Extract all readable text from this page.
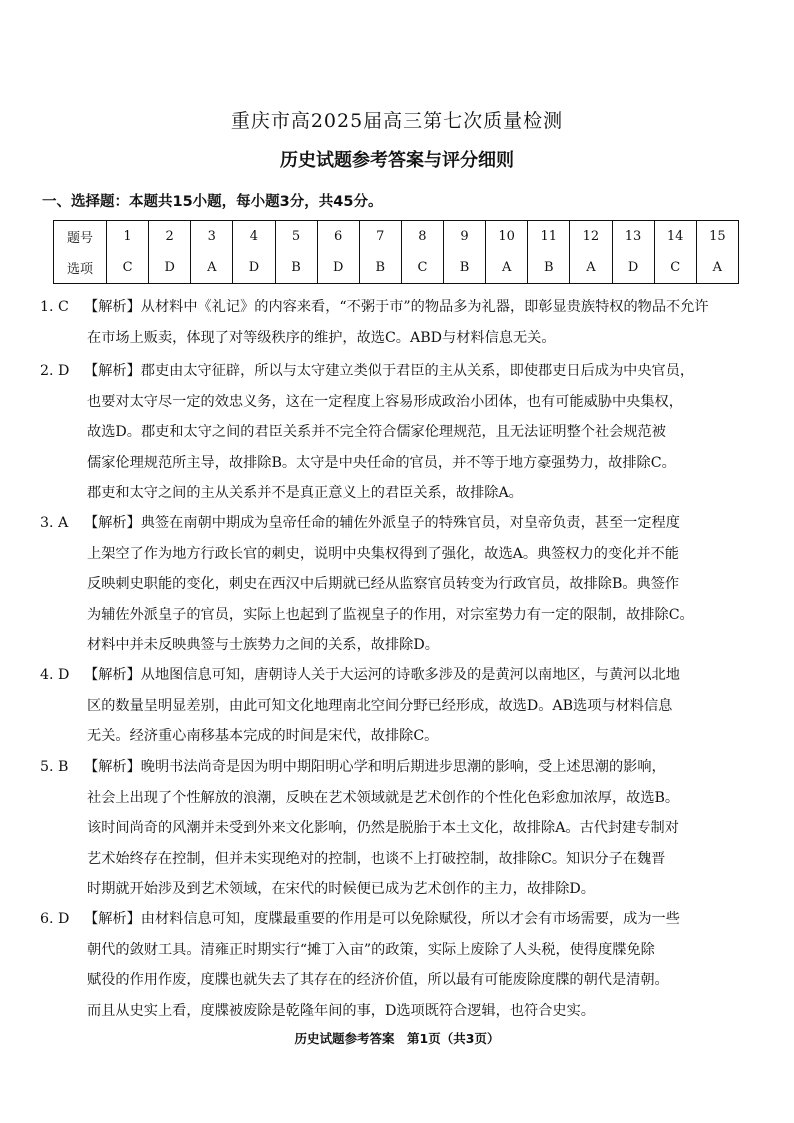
重庆市高2025届高三第七次质量检测
历史试题参考答案与评分细则
一、选择题：本题共15小题，每小题3分，共45分。
题号	1	2	3	4	5	6	7	8	9	10	11	12	13	14	15
选项	C	D	A	D	B	D	B	C	B	A	B	A	D	C	A
1. C 【解析】从材料中《礼记》的内容来看，“不粥于市”的物品多为礼器，即彰显贵族特权的物品不允许
在市场上贩卖，体现了对等级秩序的维护，故选C。ABD与材料信息无关。
2. D 【解析】郡吏由太守征辟，所以与太守建立类似于君臣的主从关系，即使郡吏日后成为中央官员，
也要对太守尽一定的效忠义务，这在一定程度上容易形成政治小团体，也有可能威胁中央集权，
故选D。郡吏和太守之间的君臣关系并不完全符合儒家伦理规范，且无法证明整个社会规范被
儒家伦理规范所主导，故排除B。太守是中央任命的官员，并不等于地方豪强势力，故排除C。
郡吏和太守之间的主从关系并不是真正意义上的君臣关系，故排除A。
3. A 【解析】典签在南朝中期成为皇帝任命的辅佐外派皇子的特殊官员，对皇帝负责，甚至一定程度
上架空了作为地方行政长官的刺史，说明中央集权得到了强化，故选A。典签权力的变化并不能
反映刺史职能的变化，刺史在西汉中后期就已经从监察官员转变为行政官员，故排除B。典签作
为辅佐外派皇子的官员，实际上也起到了监视皇子的作用，对宗室势力有一定的限制，故排除C。
材料中并未反映典签与士族势力之间的关系，故排除D。
4. D 【解析】从地图信息可知，唐朝诗人关于大运河的诗歌多涉及的是黄河以南地区，与黄河以北地
区的数量呈明显差别，由此可知文化地理南北空间分野已经形成，故选D。AB选项与材料信息
无关。经济重心南移基本完成的时间是宋代，故排除C。
5. B 【解析】晚明书法尚奇是因为明中期阳明心学和明后期进步思潮的影响，受上述思潮的影响，
社会上出现了个性解放的浪潮，反映在艺术领域就是艺术创作的个性化色彩愈加浓厚，故选B。
该时间尚奇的风潮并未受到外来文化影响，仍然是脱胎于本土文化，故排除A。古代封建专制对
艺术始终存在控制，但并未实现绝对的控制，也谈不上打破控制，故排除C。知识分子在魏晋
时期就开始涉及到艺术领域，在宋代的时候便已成为艺术创作的主力，故排除D。
6. D 【解析】由材料信息可知，度牒最重要的作用是可以免除赋役，所以才会有市场需要，成为一些
朝代的敛财工具。清雍正时期实行“摊丁入亩”的政策，实际上废除了人头税，使得度牒免除
赋役的作用作废，度牒也就失去了其存在的经济价值，所以最有可能废除度牒的朝代是清朝。
而且从史实上看，度牒被废除是乾隆年间的事，D选项既符合逻辑，也符合史实。
历史试题参考答案　第1页（共3页）
